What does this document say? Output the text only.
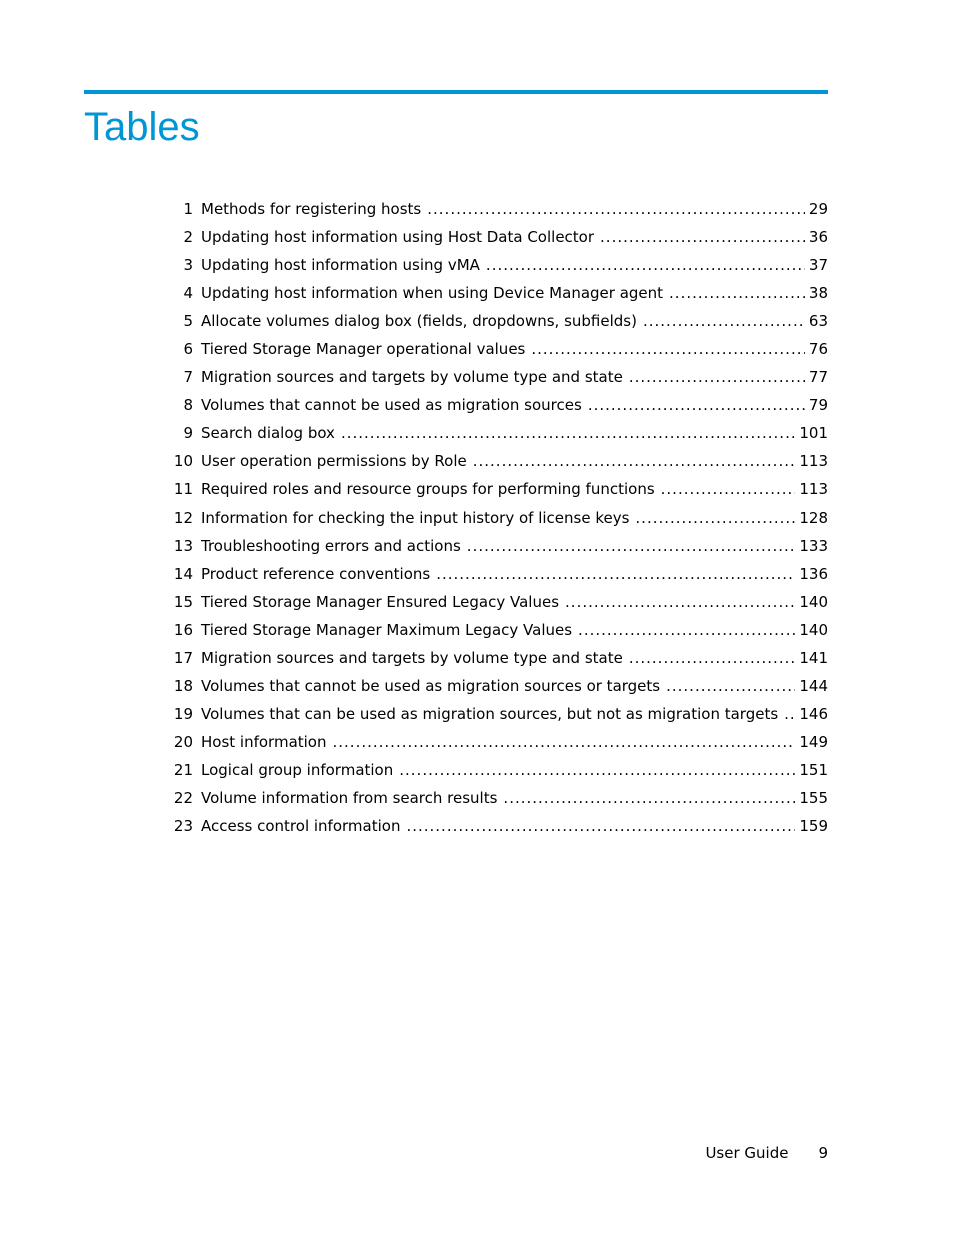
Tables
1 Methods for registering hosts .....	29
2 Updating host information using Host Data Collector .....	36
3 Updating host information using vMA .....	37
4 Updating host information when using Device Manager agent .....	38
5 Allocate volumes dialog box (fields, dropdowns, subfields) .....	63
6 Tiered Storage Manager operational values .....	76
7 Migration sources and targets by volume type and state .....	77
8 Volumes that cannot be used as migration sources .....	79
9 Search dialog box .....	101
10 User operation permissions by Role .....	113
11 Required roles and resource groups for performing functions .....	113
12 Information for checking the input history of license keys .....	128
13 Troubleshooting errors and actions .....	133
14 Product reference conventions .....	136
15 Tiered Storage Manager Ensured Legacy Values .....	140
16 Tiered Storage Manager Maximum Legacy Values .....	140
17 Migration sources and targets by volume type and state .....	141
18 Volumes that cannot be used as migration sources or targets .....	144
19 Volumes that can be used as migration sources, but not as migration targets ..... 146
20 Host information .....	149
21 Logical group information .....	151
22 Volume information from search results .....	155
23 Access control information .....	159
User Guide 9
